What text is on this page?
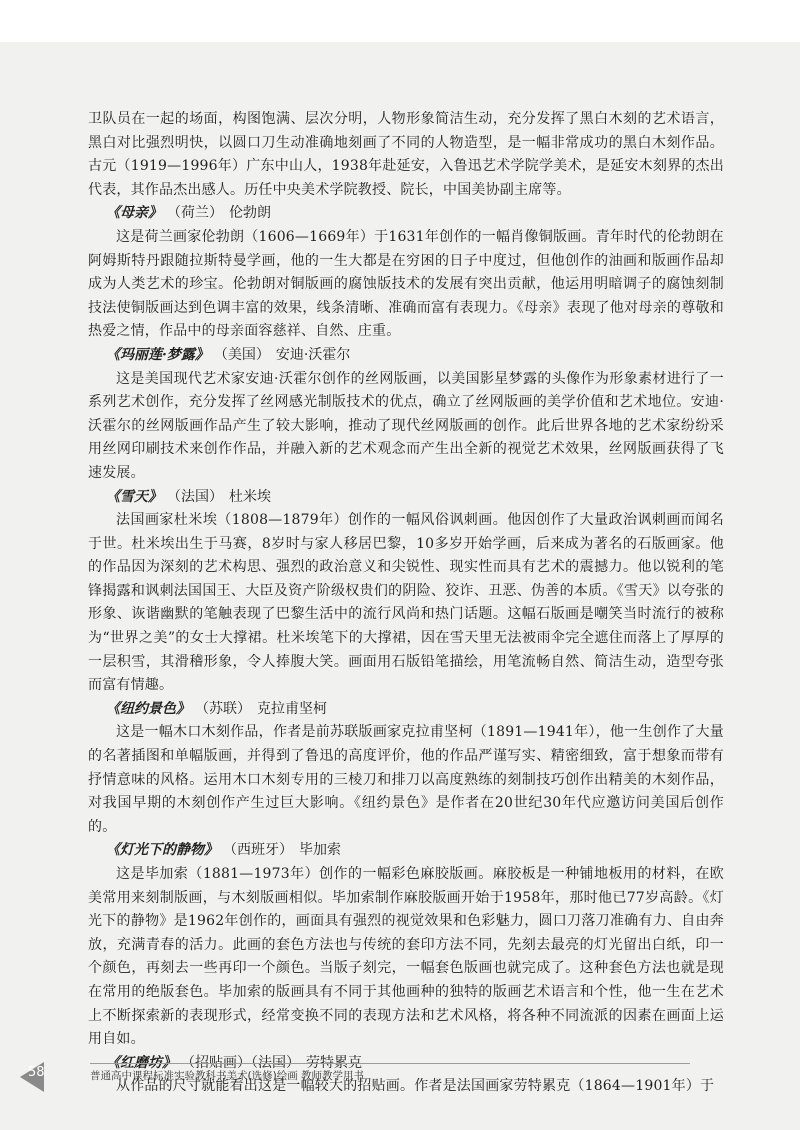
卫队员在一起的场面，构图饱满、层次分明，人物形象简洁生动，充分发挥了黑白木刻的艺术语言，黑白对比强烈明快，以圆口刀生动准确地刻画了不同的人物造型，是一幅非常成功的黑白木刻作品。古元（1919—1996年）广东中山人，1938年赴延安，入鲁迅艺术学院学美术，是延安木刻界的杰出代表，其作品杰出感人。历任中央美术学院教授、院长，中国美协副主席等。

《母亲》 （荷兰） 伦勃朗

这是荷兰画家伦勃朗（1606—1669年）于1631年创作的一幅肖像铜版画。青年时代的伦勃朗在阿姆斯特丹跟随拉斯特曼学画，他的一生大都是在穷困的日子中度过，但他创作的油画和版画作品却成为人类艺术的珍宝。伦勃朗对铜版画的腐蚀版技术的发展有突出贡献，他运用明暗调子的腐蚀刻制技法使铜版画达到色调丰富的效果，线条清晰、准确而富有表现力。《母亲》表现了他对母亲的尊敬和热爱之情，作品中的母亲面容慈祥、自然、庄重。

《玛丽莲·梦露》 （美国） 安迪·沃霍尔

这是美国现代艺术家安迪·沃霍尔创作的丝网版画，以美国影星梦露的头像作为形象素材进行了一系列艺术创作，充分发挥了丝网感光制版技术的优点，确立了丝网版画的美学价值和艺术地位。安迪·沃霍尔的丝网版画作品产生了较大影响，推动了现代丝网版画的创作。此后世界各地的艺术家纷纷采用丝网印刷技术来创作作品，并融入新的艺术观念而产生出全新的视觉艺术效果，丝网版画获得了飞速发展。

《雪天》 （法国） 杜米埃

法国画家杜米埃（1808—1879年）创作的一幅风俗讽刺画。他因创作了大量政治讽刺画而闻名于世。杜米埃出生于马赛，8岁时与家人移居巴黎，10多岁开始学画，后来成为著名的石版画家。他的作品因为深刻的艺术构思、强烈的政治意义和尖锐性、现实性而具有艺术的震撼力。他以锐利的笔锋揭露和讽刺法国国王、大臣及资产阶级权贵们的阴险、狡诈、丑恶、伪善的本质。《雪天》以夸张的形象、诙谐幽默的笔触表现了巴黎生活中的流行风尚和热门话题。这幅石版画是嘲笑当时流行的被称为“世界之美”的女士大撑裙。杜米埃笔下的大撑裙，因在雪天里无法被雨伞完全遮住而落上了厚厚的一层积雪，其滑稽形象，令人捧腹大笑。画面用石版铅笔描绘，用笔流畅自然、简洁生动，造型夸张而富有情趣。

《纽约景色》 （苏联） 克拉甫坚柯

这是一幅木口木刻作品，作者是前苏联版画家克拉甫坚柯（1891—1941年），他一生创作了大量的名著插图和单幅版画，并得到了鲁迅的高度评价，他的作品严谨写实、精密细致，富于想象而带有抒情意味的风格。运用木口木刻专用的三棱刀和排刀以高度熟练的刻制技巧创作出精美的木刻作品，对我国早期的木刻创作产生过巨大影响。《纽约景色》是作者在20世纪30年代应邀访问美国后创作的。

《灯光下的静物》 （西班牙） 毕加索

这是毕加索（1881—1973年）创作的一幅彩色麻胶版画。麻胶板是一种铺地板用的材料，在欧美常用来刻制版画，与木刻版画相似。毕加索制作麻胶版画开始于1958年，那时他已77岁高龄。《灯光下的静物》是1962年创作的，画面具有强烈的视觉效果和色彩魅力，圆口刀落刀准确有力、自由奔放，充满青春的活力。此画的套色方法也与传统的套印方法不同，先刻去最亮的灯光留出白纸，印一个颜色，再刻去一些再印一个颜色。当版子刻完，一幅套色版画也就完成了。这种套色方法也就是现在常用的绝版套色。毕加索的版画具有不同于其他画种的独特的版画艺术语言和个性，他一生在艺术上不断探索新的表现形式，经常变换不同的表现方法和艺术风格，将各种不同流派的因素在画面上运用自如。

《红磨坊》 （招贴画）（法国） 劳特累克

从作品的尺寸就能看出这是一幅较大的招贴画。作者是法国画家劳特累克（1864—1901年）于

58	普通高中课程标准实验教科书美术(选修)绘画 教师教学用书
